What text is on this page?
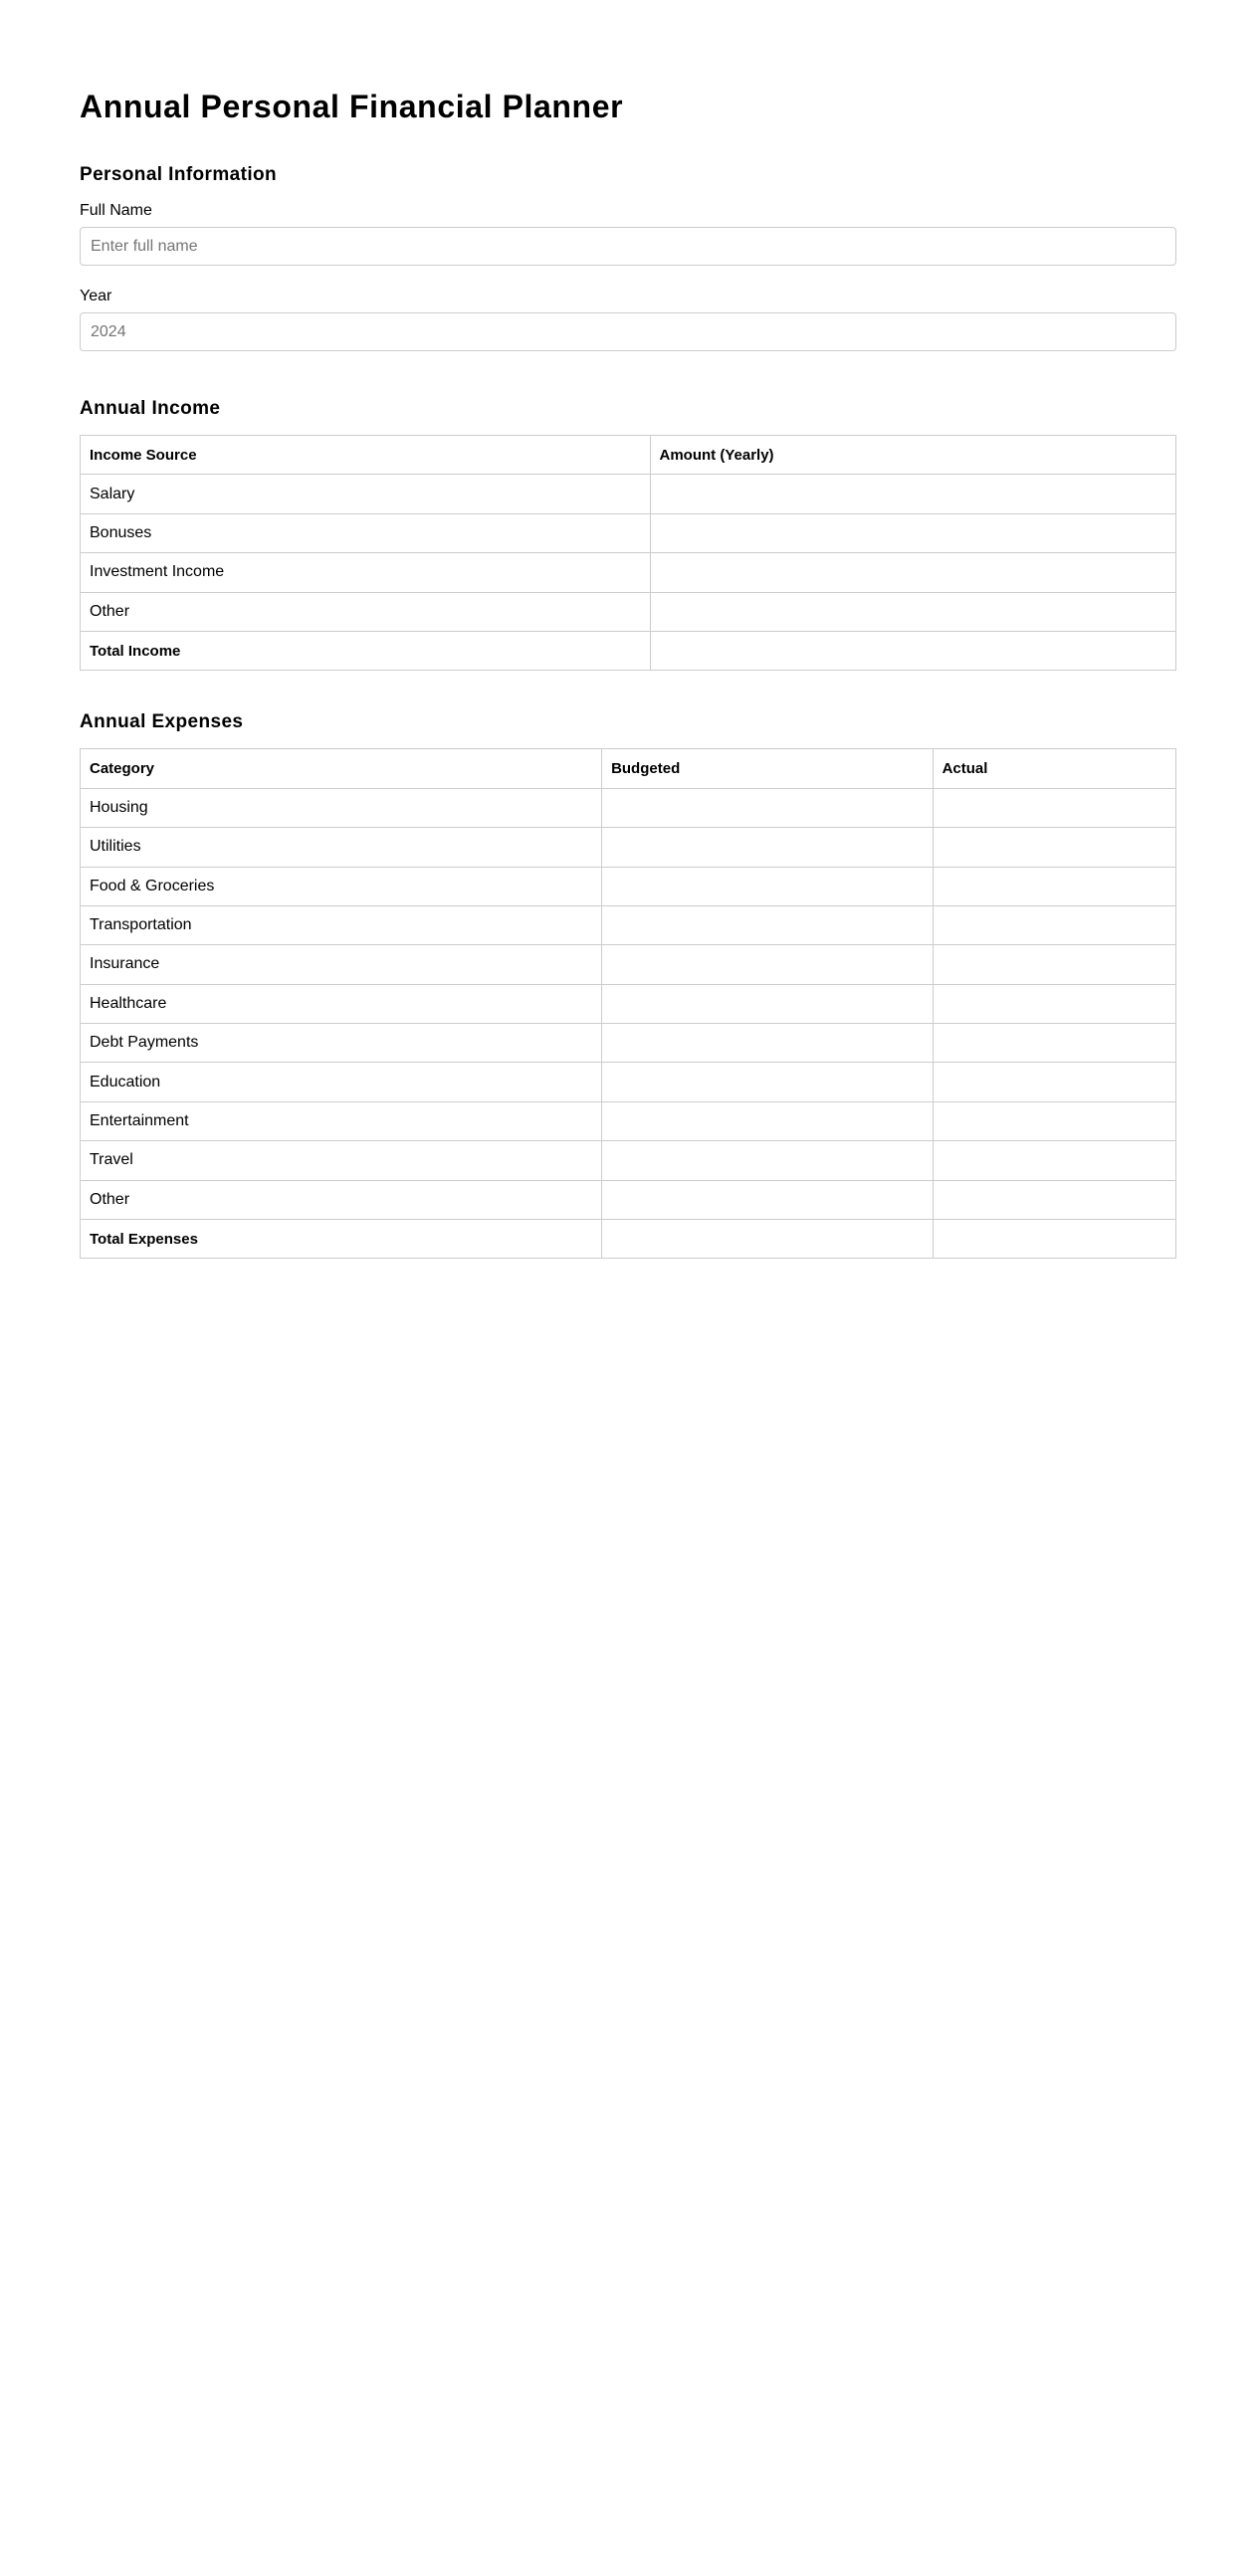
Annual Personal Financial Planner
Personal Information
Full Name
Enter full name
Year
2024
Annual Income
Income Source	Amount (Yearly)
Salary	
Bonuses	
Investment Income	
Other	
Total Income	
Annual Expenses
Category	Budgeted	Actual
Housing		
Utilities		
Food & Groceries		
Transportation		
Insurance		
Healthcare		
Debt Payments		
Education		
Entertainment		
Travel		
Other		
Total Expenses		
